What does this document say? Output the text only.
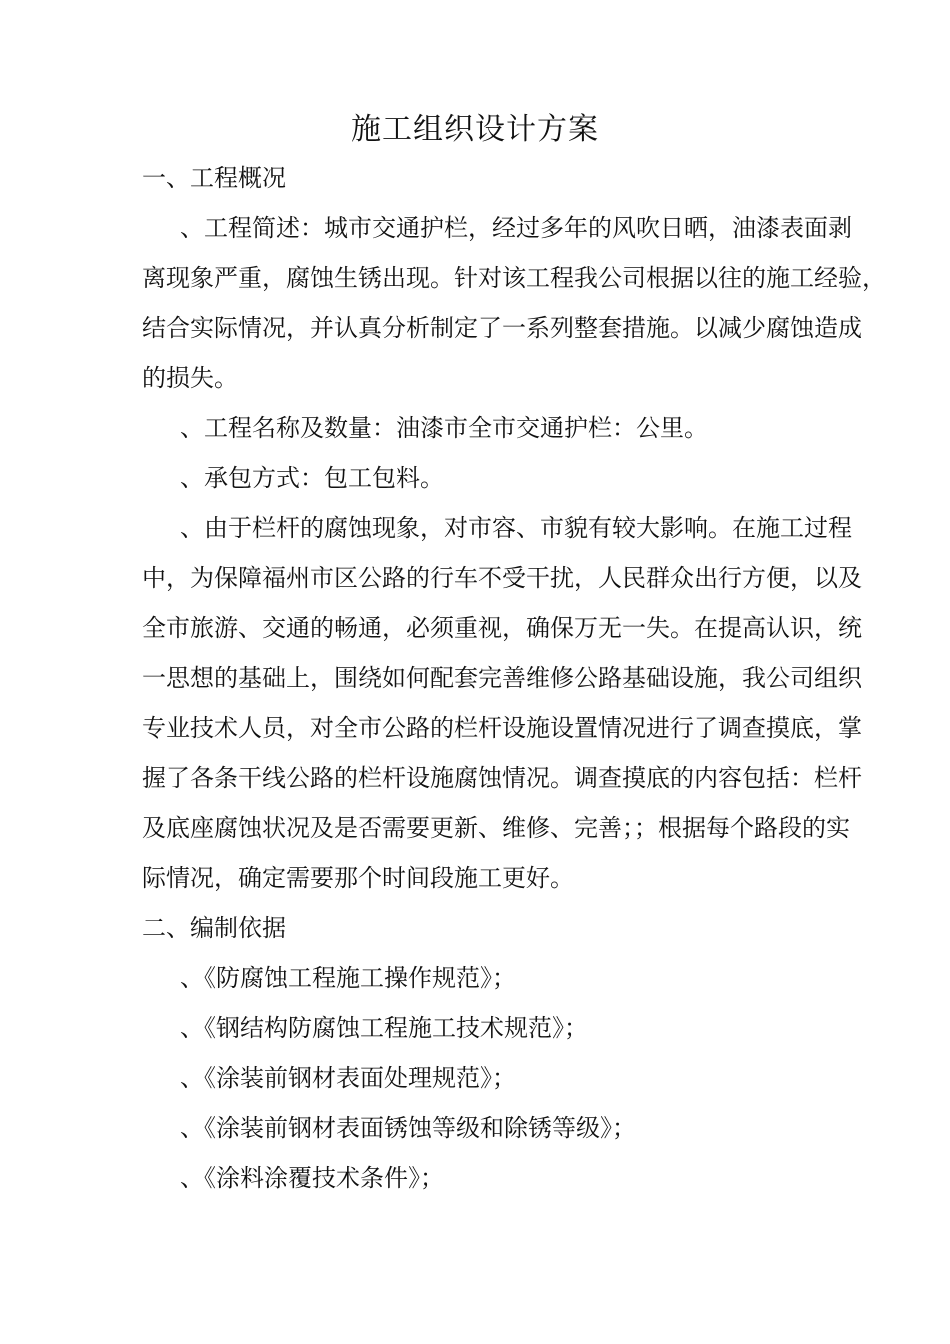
施工组织设计方案
一、工程概况
、工程简述：城市交通护栏，经过多年的风吹日晒，油漆表面剥
离现象严重，腐蚀生锈出现。针对该工程我公司根据以往的施工经验，
结合实际情况，并认真分析制定了一系列整套措施。以减少腐蚀造成
的损失。
、工程名称及数量：油漆市全市交通护栏：公里。
、承包方式：包工包料。
、由于栏杆的腐蚀现象，对市容、市貌有较大影响。在施工过程
中，为保障福州市区公路的行车不受干扰，人民群众出行方便，以及
全市旅游、交通的畅通，必须重视，确保万无一失。在提高认识，统
一思想的基础上，围绕如何配套完善维修公路基础设施，我公司组织
专业技术人员，对全市公路的栏杆设施设置情况进行了调查摸底，掌
握了各条干线公路的栏杆设施腐蚀情况。调查摸底的内容包括：栏杆
及底座腐蚀状况及是否需要更新、维修、完善；；根据每个路段的实
际情况，确定需要那个时间段施工更好。
二、编制依据
、《防腐蚀工程施工操作规范》；
、《钢结构防腐蚀工程施工技术规范》；
、《涂装前钢材表面处理规范》；
、《涂装前钢材表面锈蚀等级和除锈等级》；
、《涂料涂覆技术条件》；
